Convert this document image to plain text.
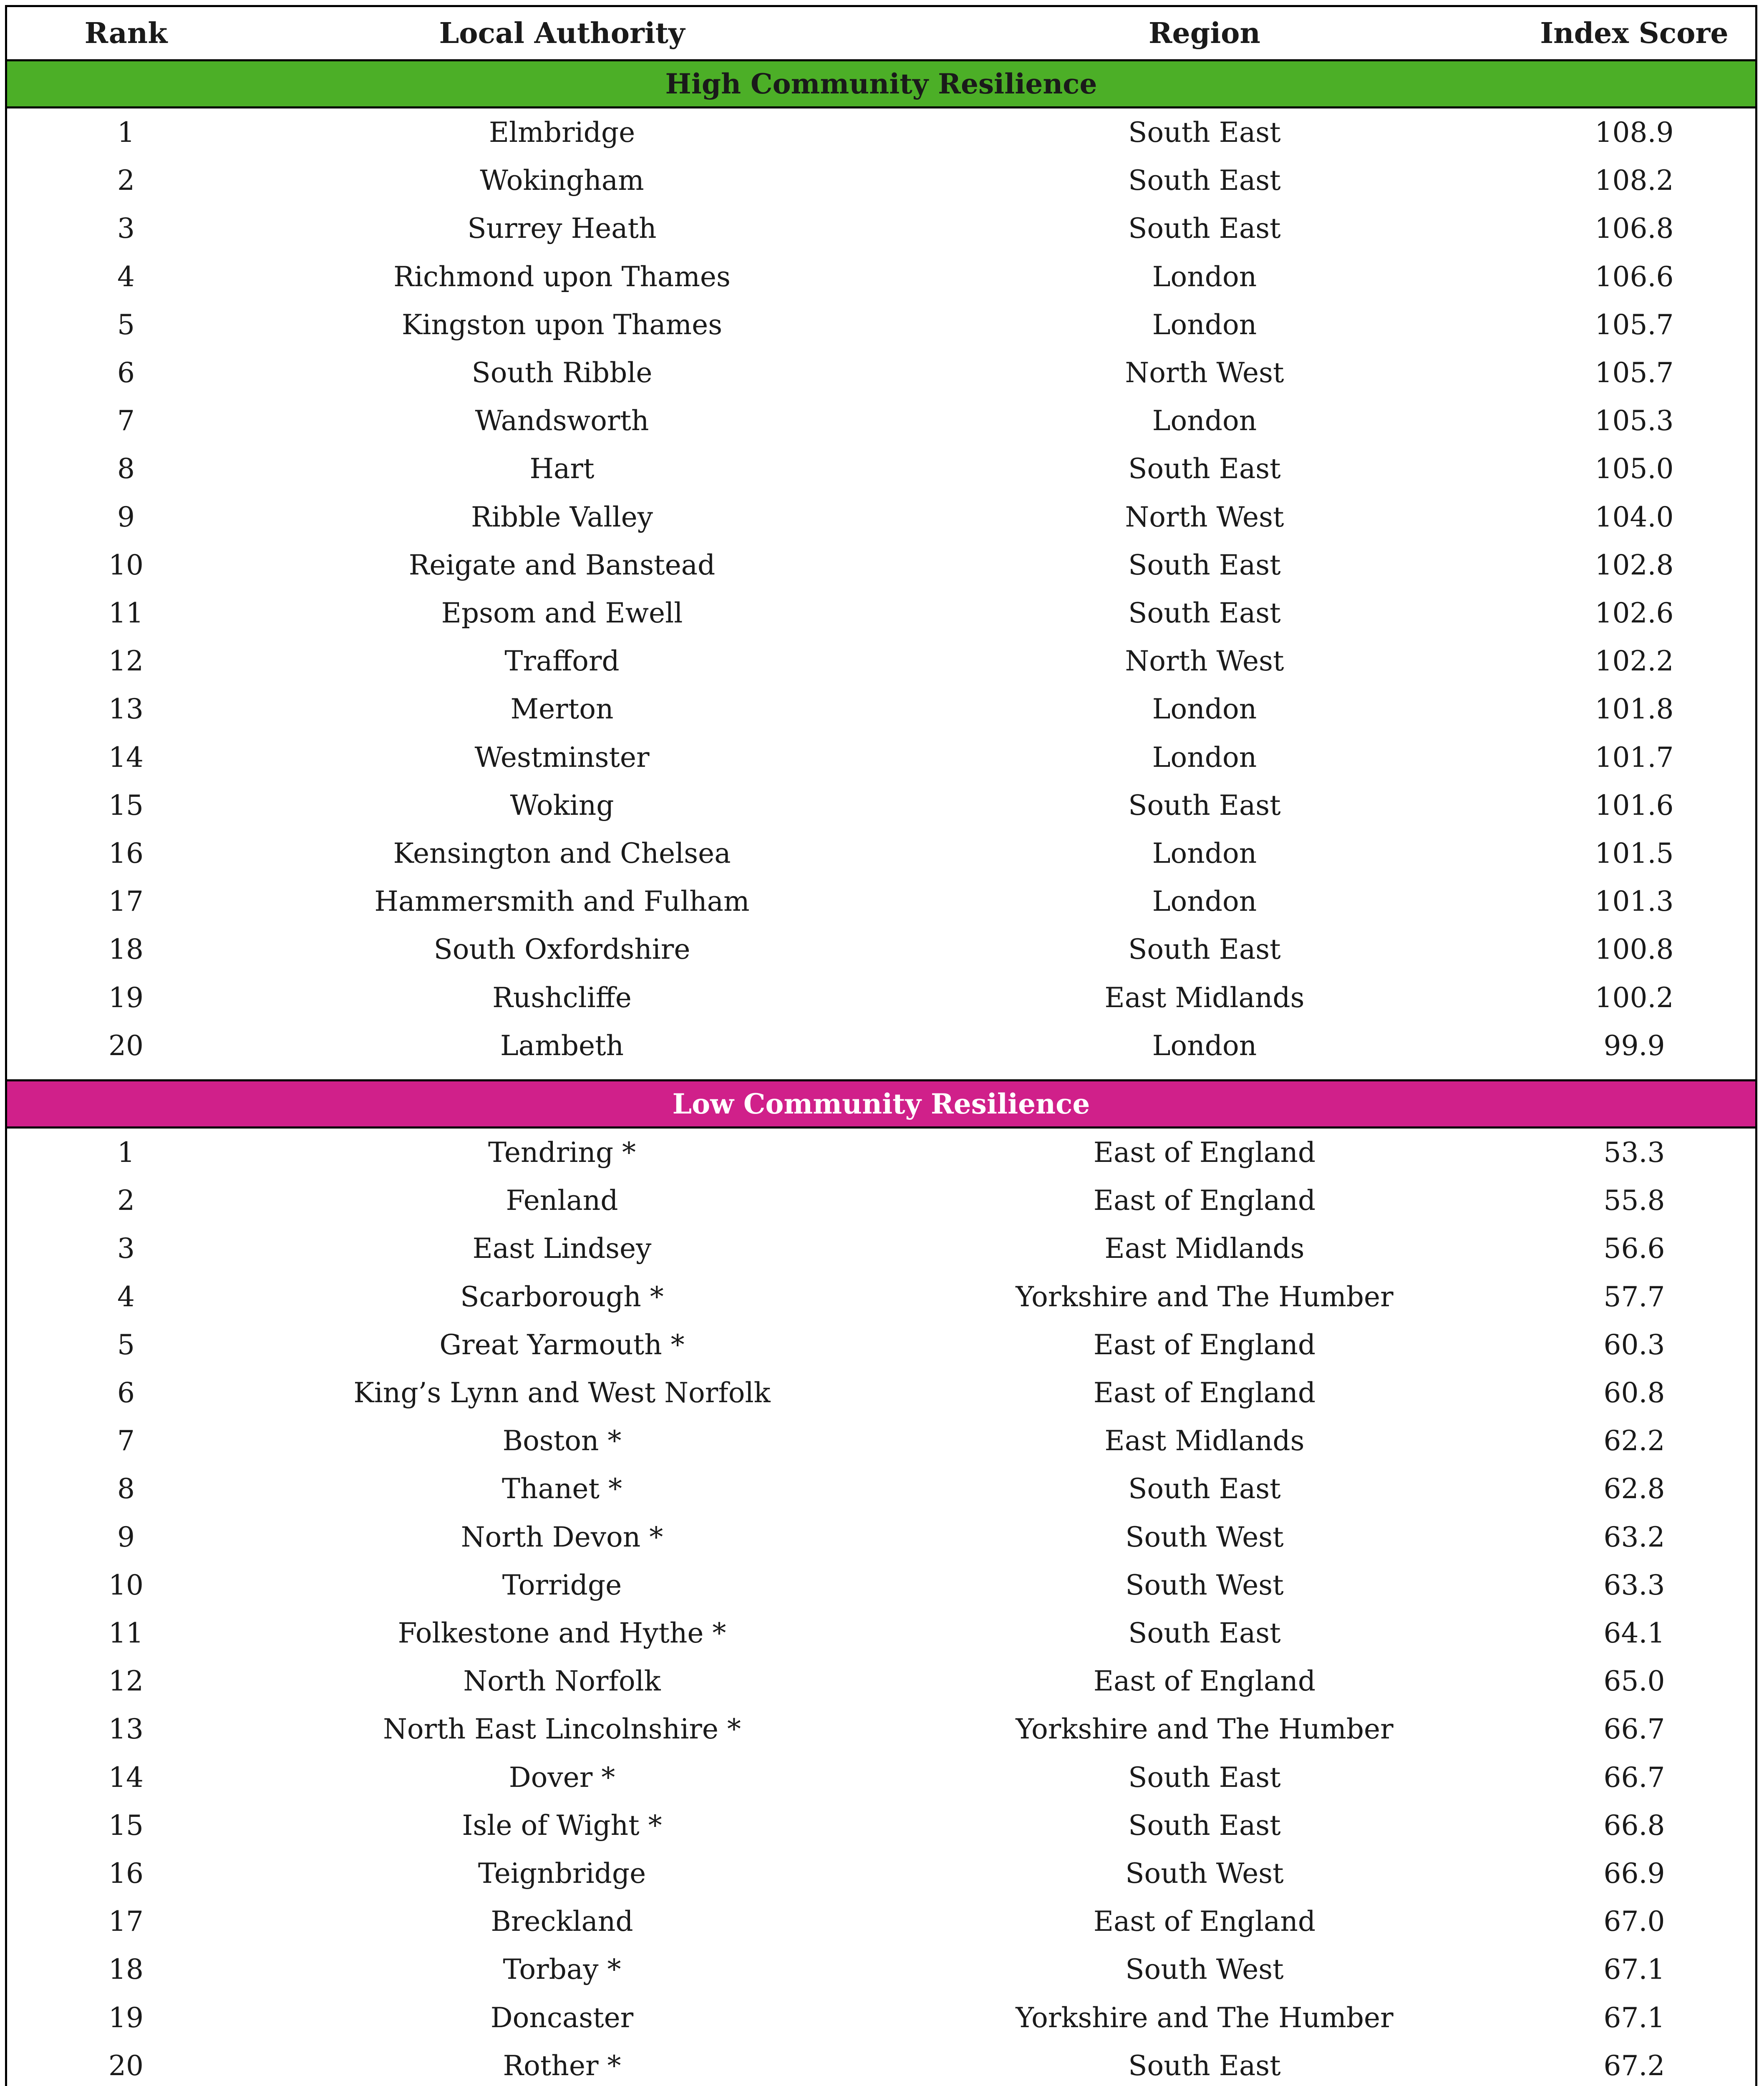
Rank	Local Authority	Region	Index Score
High Community Resilience
1	Elmbridge	South East	108.9
2	Wokingham	South East	108.2
3	Surrey Heath	South East	106.8
4	Richmond upon Thames	London	106.6
5	Kingston upon Thames	London	105.7
6	South Ribble	North West	105.7
7	Wandsworth	London	105.3
8	Hart	South East	105.0
9	Ribble Valley	North West	104.0
10	Reigate and Banstead	South East	102.8
11	Epsom and Ewell	South East	102.6
12	Trafford	North West	102.2
13	Merton	London	101.8
14	Westminster	London	101.7
15	Woking	South East	101.6
16	Kensington and Chelsea	London	101.5
17	Hammersmith and Fulham	London	101.3
18	South Oxfordshire	South East	100.8
19	Rushcliffe	East Midlands	100.2
20	Lambeth	London	99.9
Low Community Resilience
1	Tendring *	East of England	53.3
2	Fenland	East of England	55.8
3	East Lindsey	East Midlands	56.6
4	Scarborough *	Yorkshire and The Humber	57.7
5	Great Yarmouth *	East of England	60.3
6	King’s Lynn and West Norfolk	East of England	60.8
7	Boston *	East Midlands	62.2
8	Thanet *	South East	62.8
9	North Devon *	South West	63.2
10	Torridge	South West	63.3
11	Folkestone and Hythe *	South East	64.1
12	North Norfolk	East of England	65.0
13	North East Lincolnshire *	Yorkshire and The Humber	66.7
14	Dover *	South East	66.7
15	Isle of Wight *	South East	66.8
16	Teignbridge	South West	66.9
17	Breckland	East of England	67.0
18	Torbay *	South West	67.1
19	Doncaster	Yorkshire and The Humber	67.1
20	Rother *	South East	67.2
